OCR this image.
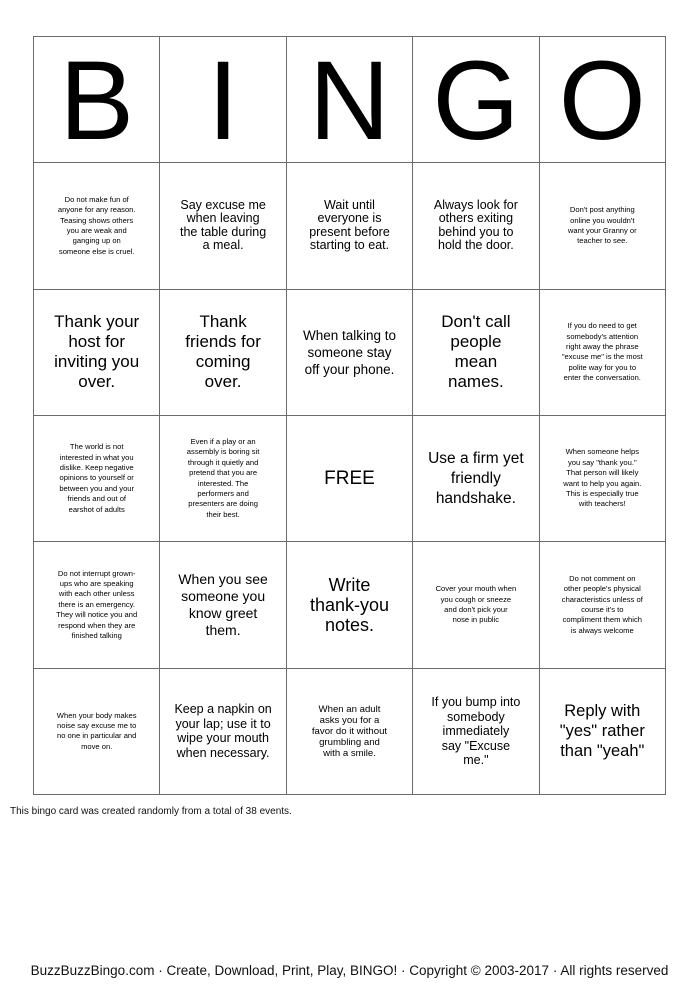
B I N G O
Do not make fun of anyone for any reason. Teasing shows others you are weak and ganging up on someone else is cruel.
Say excuse me when leaving the table during a meal.
Wait until everyone is present before starting to eat.
Always look for others exiting behind you to hold the door.
Don't post anything online you wouldn't want your Granny or teacher to see.
Thank your host for inviting you over.
Thank friends for coming over.
When talking to someone stay off your phone.
Don't call people mean names.
If you do need to get somebody's attention right away the phrase "excuse me" is the most polite way for you to enter the conversation.
The world is not interested in what you dislike. Keep negative opinions to yourself or between you and your friends and out of earshot of adults
Even if a play or an assembly is boring sit through it quietly and pretend that you are interested. The performers and presenters are doing their best.
FREE
Use a firm yet friendly handshake.
When someone helps you say "thank you." That person will likely want to help you again. This is especially true with teachers!
Do not interrupt grown-ups who are speaking with each other unless there is an emergency. They will notice you and respond when they are finished talking
When you see someone you know greet them.
Write thank-you notes.
Cover your mouth when you cough or sneeze and don't pick your nose in public
Do not comment on other people's physical characteristics unless of course it's to compliment them which is always welcome
When your body makes noise say excuse me to no one in particular and move on.
Keep a napkin on your lap; use it to wipe your mouth when necessary.
When an adult asks you for a favor do it without grumbling and with a smile.
If you bump into somebody immediately say "Excuse me."
Reply with "yes" rather than "yeah"
This bingo card was created randomly from a total of 38 events.
BuzzBuzzBingo.com · Create, Download, Print, Play, BINGO! · Copyright © 2003-2017 · All rights reserved
